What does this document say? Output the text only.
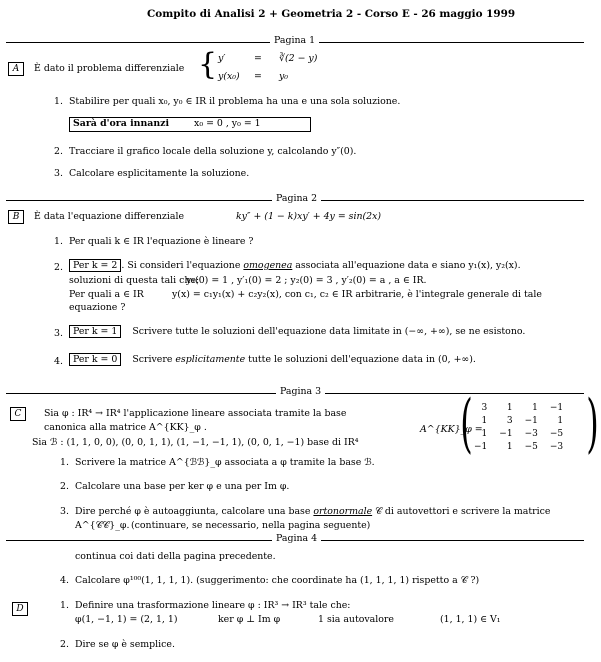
Compito di Analisi 2 + Geometria 2 - Corso E - 26 maggio 1999
Pagina 1
A	È dato il problema differenziale { y′	= ∛(2 − y)
y(x₀) = y₀
1. Stabilire per quali x₀, y₀ ∈ IR il problema ha una e una sola soluzione.
Sarà d'ora innanzi	x₀ = 0 , y₀ = 1
2. Tracciare il grafico locale della soluzione y, calcolando y″(0).
3. Calcolare esplicitamente la soluzione.
Pagina 2
B	È data l'equazione differenziale	ky″ + (1 − k)xy′ + 4y = sin(2x)
1. Per quali k ∈ IR l'equazione è lineare ?
2.	Per k = 2 . Si consideri l'equazione omogenea associata all'equazione data e siano y₁(x), y₂(x).
soluzioni di questa tali che:
y₁(0) = 1 , y′₁(0) = 2 ; y₂(0) = 3 , y′₂(0) = a , a ∈ IR.
Per quali a ∈ IR	y(x) = c₁y₁(x) + c₂y₂(x), con c₁, c₂ ∈ IR arbitrarie, è l'integrale generale di tale
equazione ?
3.	Per k = 1 Scrivere tutte le soluzioni dell'equazione data limitate in (−∞, +∞), se ne esistono.
4.	Per k = 0 Scrivere esplicitamente tutte le soluzioni dell'equazione data in (0, +∞).
Pagina 3
C	Sia φ : IR⁴ → IR⁴ l'applicazione lineare associata tramite la base
canonica alla matrice A^{KK}_φ .
Sia ℬ : (1, 1, 0, 0), (0, 0, 1, 1), (1, −1, −1, 1), (0, 0, 1, −1) base di IR⁴
A^{KK}_φ =
( 3	1	1	−1
1	3	−1	1
1	−1	−3	−5
−1	1	−5	−3 )
1. Scrivere la matrice A^{ℬℬ}_φ associata a φ tramite la base ℬ.
2. Calcolare una base per ker φ e una per Im φ.
3. Dire perché φ è autoaggiunta, calcolare una base ortonormale 𝒞 di autovettori e scrivere la matrice
A^{𝒞𝒞}_φ. (continuare, se necessario, nella pagina seguente)
Pagina 4
continua coi dati della pagina precedente.
4. Calcolare φ¹⁰⁰(1, 1, 1, 1). (suggerimento: che coordinate ha (1, 1, 1, 1) rispetto a 𝒞 ?)
D	1. Definire una trasformazione lineare φ : IR³ → IR³ tale che:
φ(1, −1, 1) = (2, 1, 1)	ker φ ⊥ Im φ	1 sia autovalore	(1, 1, 1) ∈ V₁
2. Dire se φ è semplice.
